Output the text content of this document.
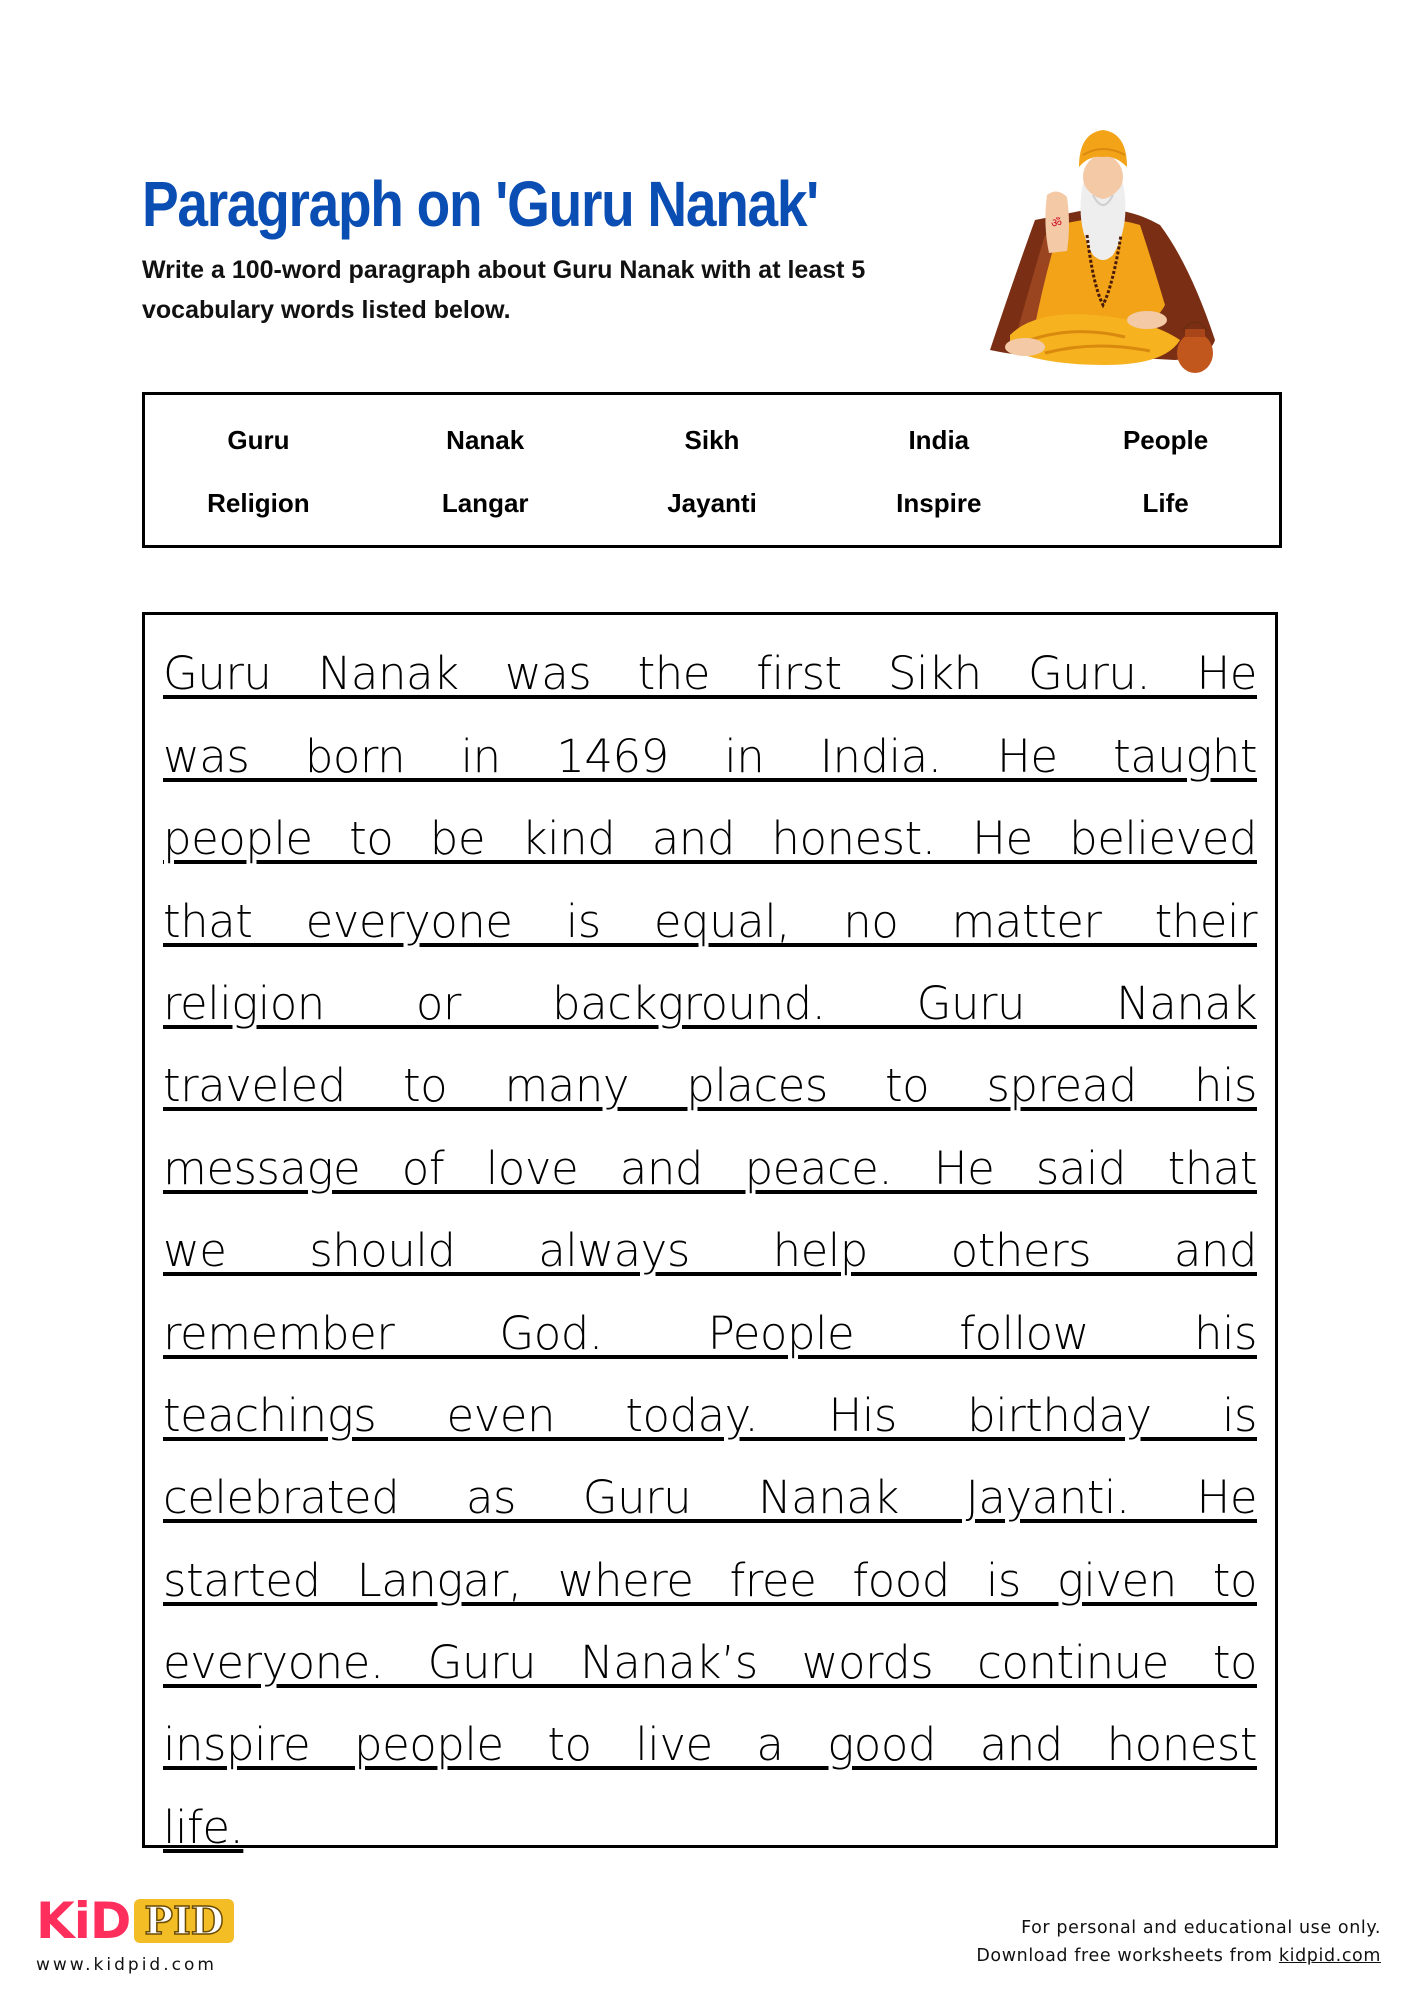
Paragraph on 'Guru Nanak'

Write a 100-word paragraph about Guru Nanak with at least 5 vocabulary words listed below.

ॐ
Guru	Nanak	Sikh	India	People
Religion	Langar	Jayanti	Inspire	Life
Guru Nanak was the first Sikh Guru. He
was born in 1469 in India. He taught
people to be kind and honest. He believed
that everyone is equal, no matter their
religion or background. Guru Nanak
traveled to many places to spread his
message of love and peace. He said that
we should always help others and
remember God. People follow his
teachings even today. His birthday is
celebrated as Guru Nanak Jayanti. He
started Langar, where free food is given to
everyone. Guru Nanak’s words continue to
inspire people to live a good and honest
life.
KiD PID
www.kidpid.com
For personal and educational use only.
Download free worksheets from kidpid.com
